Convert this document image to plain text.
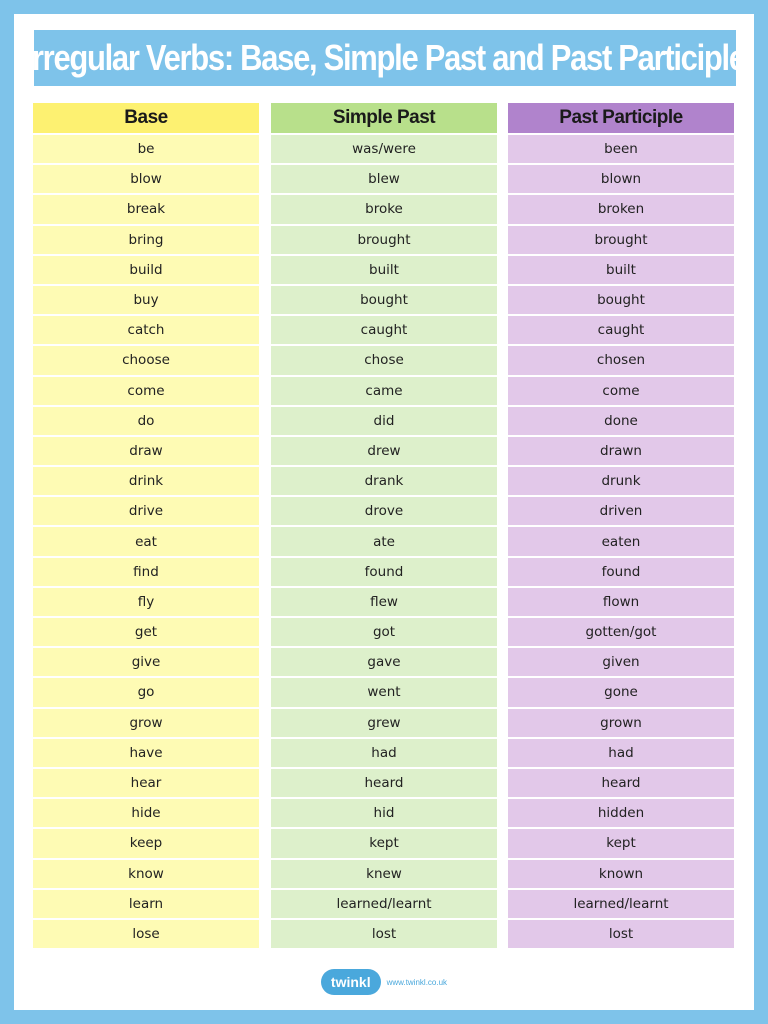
Irregular Verbs: Base, Simple Past and Past Participle
Base
be
blow
break
bring
build
buy
catch
choose
come
do
draw
drink
drive
eat
find
fly
get
give
go
grow
have
hear
hide
keep
know
learn
lose
Simple Past
was/were
blew
broke
brought
built
bought
caught
chose
came
did
drew
drank
drove
ate
found
flew
got
gave
went
grew
had
heard
hid
kept
knew
learned/learnt
lost
Past Participle
been
blown
broken
brought
built
bought
caught
chosen
come
done
drawn
drunk
driven
eaten
found
flown
gotten/got
given
gone
grown
had
heard
hidden
kept
known
learned/learnt
lost
twinkl	www.twinkl.co.uk
